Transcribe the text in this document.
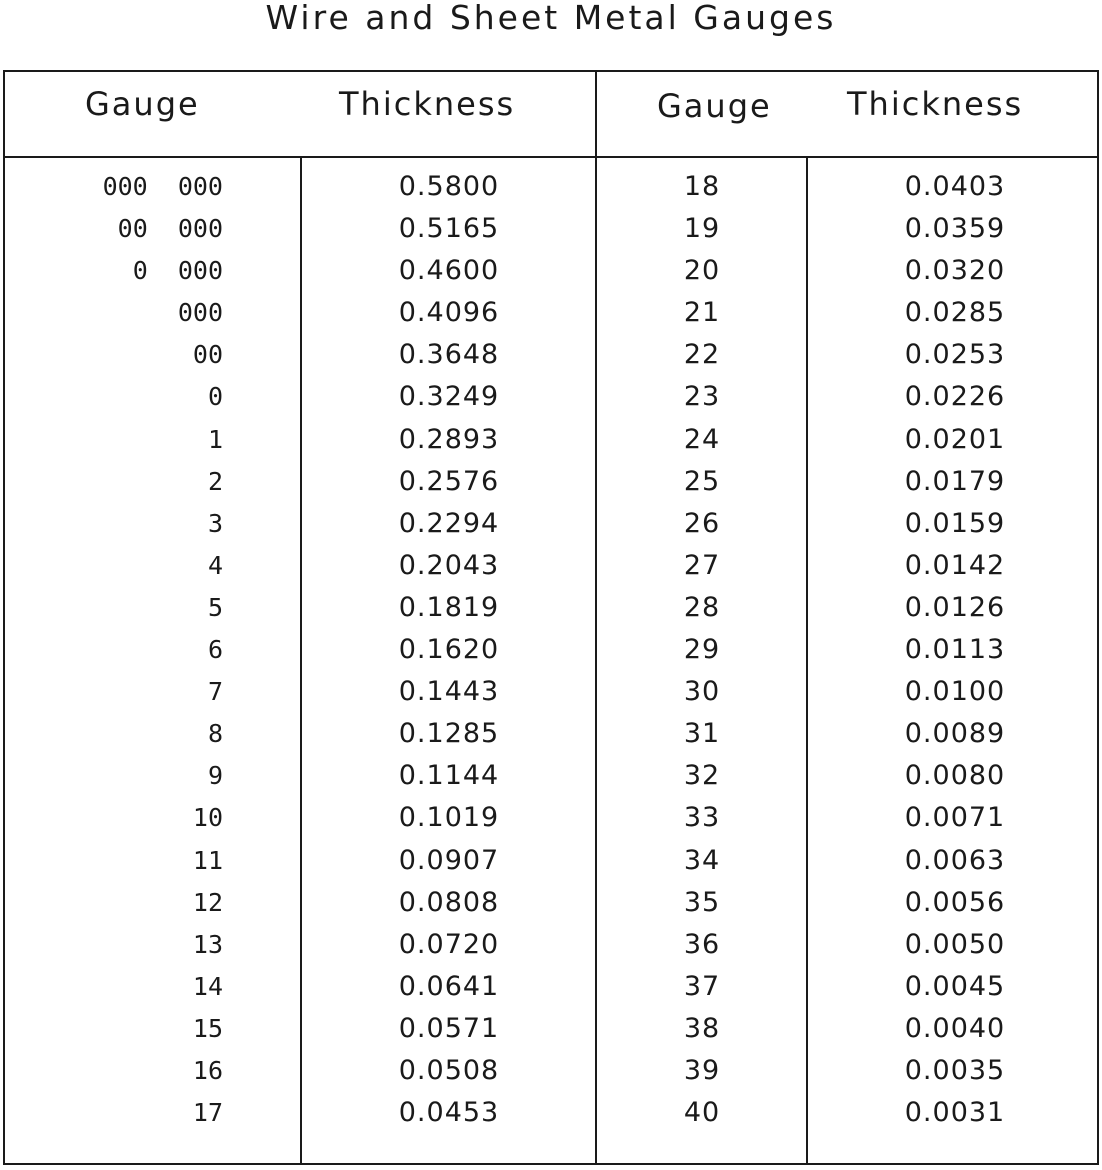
Wire and Sheet Metal Gauges
Gauge	Thickness	Gauge Thickness
000  000	0.5800	18	0.0403
00  000	0.5165	19	0.0359
0  000	0.4600	20	0.0320
000	0.4096	21	0.0285
00	0.3648	22	0.0253
0	0.3249	23	0.0226
1	0.2893	24	0.0201
2	0.2576	25	0.0179
3	0.2294	26	0.0159
4	0.2043	27	0.0142
5	0.1819	28	0.0126
6	0.1620	29	0.0113
7	0.1443	30	0.0100
8	0.1285	31	0.0089
9	0.1144	32	0.0080
10	0.1019	33	0.0071
11	0.0907	34	0.0063
12	0.0808	35	0.0056
13	0.0720	36	0.0050
14	0.0641	37	0.0045
15	0.0571	38	0.0040
16	0.0508	39	0.0035
17	0.0453	40	0.0031
